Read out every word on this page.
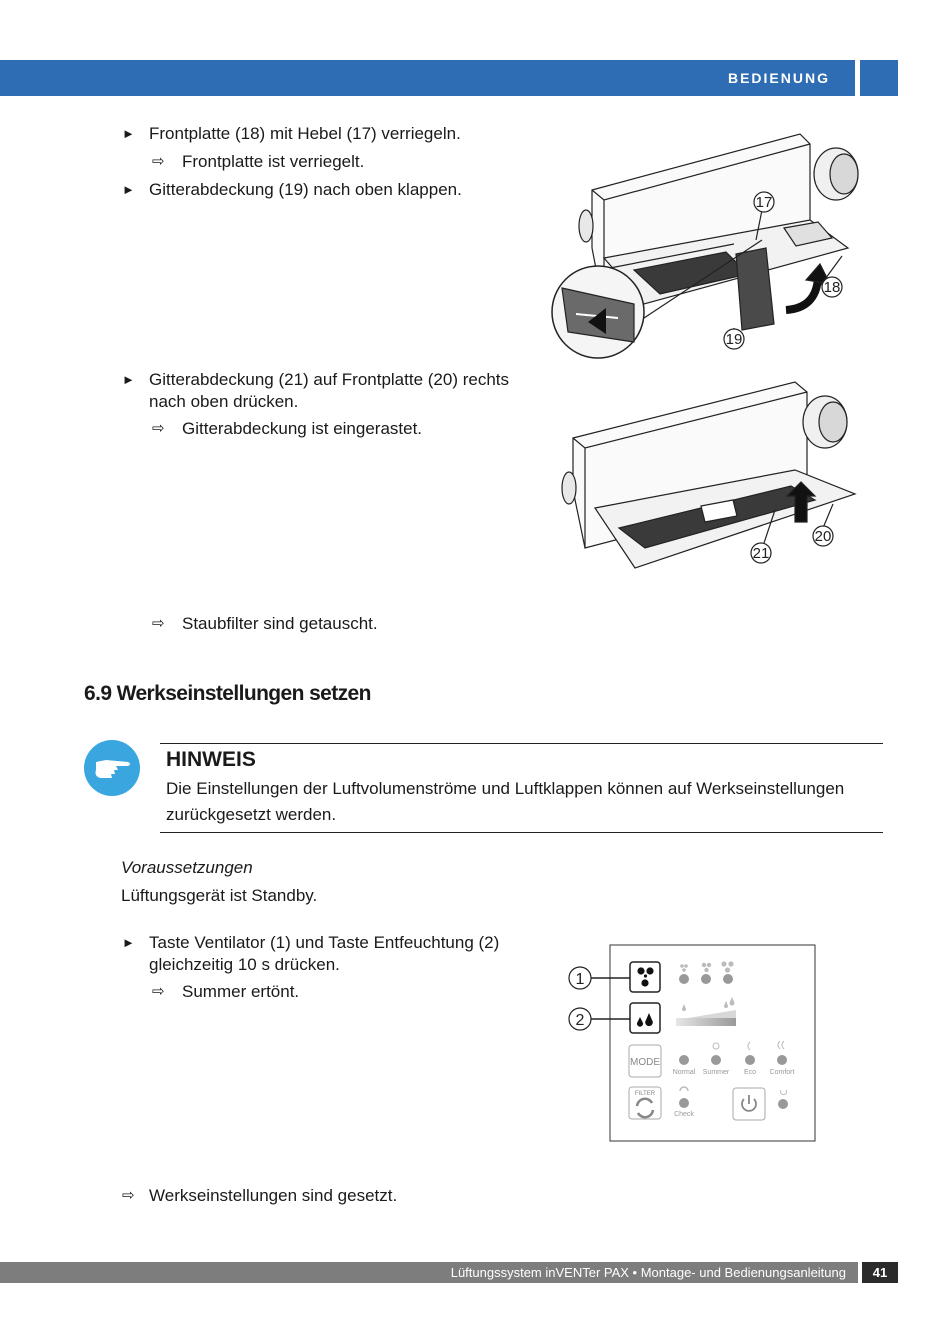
BEDIENUNG
► Frontplatte (18) mit Hebel (17) verriegeln.
⇨ Frontplatte ist verriegelt.
► Gitterabdeckung (19) nach oben klappen.
17
18
19
► Gitterabdeckung (21) auf Frontplatte (20) rechts
nach oben drücken.
⇨ Gitterabdeckung ist eingerastet.
20
21
⇨ Staubfilter sind getauscht.
6.9 Werkseinstellungen setzen
HINWEIS
Die Einstellungen der Luftvolumenströme und Luftklappen können auf Werkseinstellungen
zurückgesetzt werden.
Voraussetzungen
Lüftungsgerät ist Standby.
► Taste Ventilator (1) und Taste Entfeuchtung (2)
gleichzeitig 10 s drücken.
⇨ Summer ertönt.
1
2
MODE
FILTER
Normal Summer Eco Comfort
Check
⇨ Werkseinstellungen sind gesetzt.
Lüftungssystem inVENTer PAX • Montage- und Bedienungsanleitung	41
